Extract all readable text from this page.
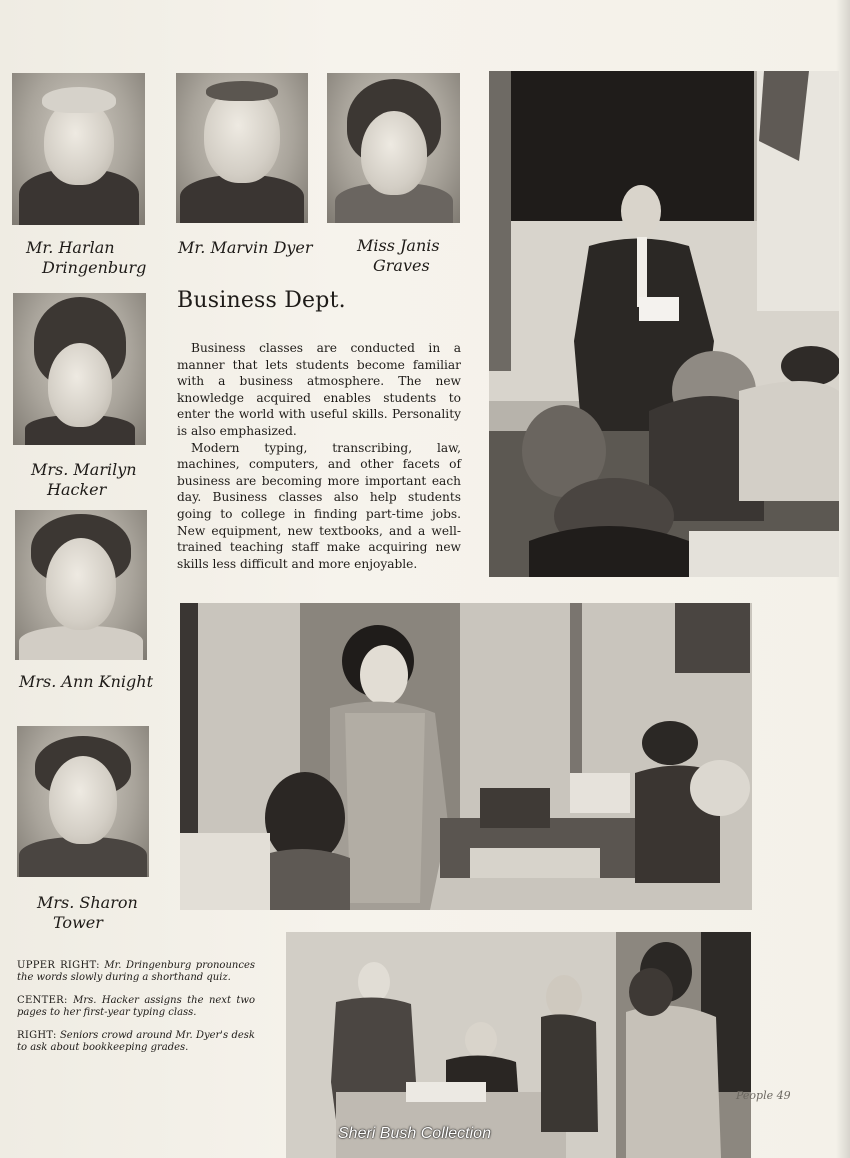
Mr. Harlan
Dringenburg
Mr. Marvin Dyer	Miss Janis
Graves
Mrs. Marilyn
Hacker
Mrs. Ann Knight
Mrs. Sharon
Tower
Business Dept.

Business classes are conducted in a manner that lets students become familiar with a business atmosphere. The new knowledge acquired enables students to enter the world with useful skills. Personality is also emphasized.

Modern typing, transcribing, law, machines, computers, and other facets of business are becoming more important each day. Business classes also help students going to college in finding part-time jobs. New equipment, new textbooks, and a well-trained teaching staff make acquiring new skills less difficult and more enjoyable.

UPPER RIGHT: Mr. Dringenburg pronounces the words slowly during a shorthand quiz.

CENTER: Mrs. Hacker assigns the next two pages to her first-year typing class.

RIGHT: Seniors crowd around Mr. Dyer's desk to ask about bookkeeping grades.

People 49
Sheri Bush Collection
